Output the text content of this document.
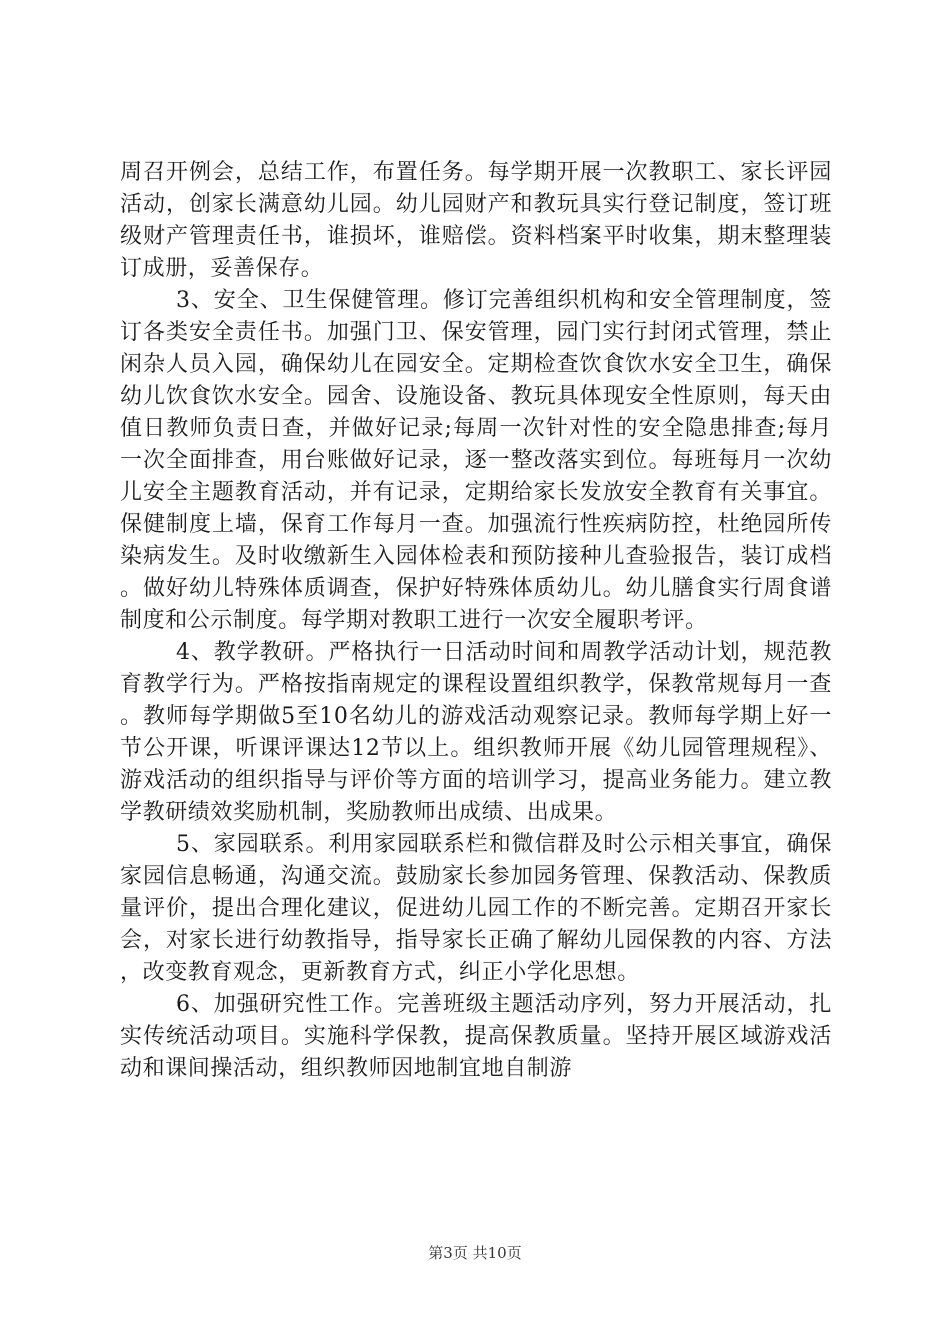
周召开例会，总结工作，布置任务。每学期开展一次教职工、家长评园活动，创家长满意幼儿园。幼儿园财产和教玩具实行登记制度，签订班级财产管理责任书，谁损坏，谁赔偿。资料档案平时收集，期末整理装订成册，妥善保存。

3、安全、卫生保健管理。修订完善组织机构和安全管理制度，签订各类安全责任书。加强门卫、保安管理，园门实行封闭式管理，禁止闲杂人员入园，确保幼儿在园安全。定期检查饮食饮水安全卫生，确保幼儿饮食饮水安全。园舍、设施设备、教玩具体现安全性原则，每天由值日教师负责日查，并做好记录;每周一次针对性的安全隐患排查;每月一次全面排查，用台账做好记录，逐一整改落实到位。每班每月一次幼儿安全主题教育活动，并有记录，定期给家长发放安全教育有关事宜。保健制度上墙，保育工作每月一查。加强流行性疾病防控，杜绝园所传染病发生。及时收缴新生入园体检表和预防接种儿查验报告，装订成档。做好幼儿特殊体质调查，保护好特殊体质幼儿。幼儿膳食实行周食谱制度和公示制度。每学期对教职工进行一次安全履职考评。

4、教学教研。严格执行一日活动时间和周教学活动计划，规范教育教学行为。严格按指南规定的课程设置组织教学，保教常规每月一查。教师每学期做5至10名幼儿的游戏活动观察记录。教师每学期上好一节公开课，听课评课达12节以上。组织教师开展《幼儿园管理规程》、游戏活动的组织指导与评价等方面的培训学习，提高业务能力。建立教学教研绩效奖励机制，奖励教师出成绩、出成果。

5、家园联系。利用家园联系栏和微信群及时公示相关事宜，确保家园信息畅通，沟通交流。鼓励家长参加园务管理、保教活动、保教质量评价，提出合理化建议，促进幼儿园工作的不断完善。定期召开家长会，对家长进行幼教指导，指导家长正确了解幼儿园保教的内容、方法，改变教育观念，更新教育方式，纠正小学化思想。

6、加强研究性工作。完善班级主题活动序列，努力开展活动，扎实传统活动项目。实施科学保教，提高保教质量。坚持开展区域游戏活动和课间操活动，组织教师因地制宜地自制游

第3页 共10页
